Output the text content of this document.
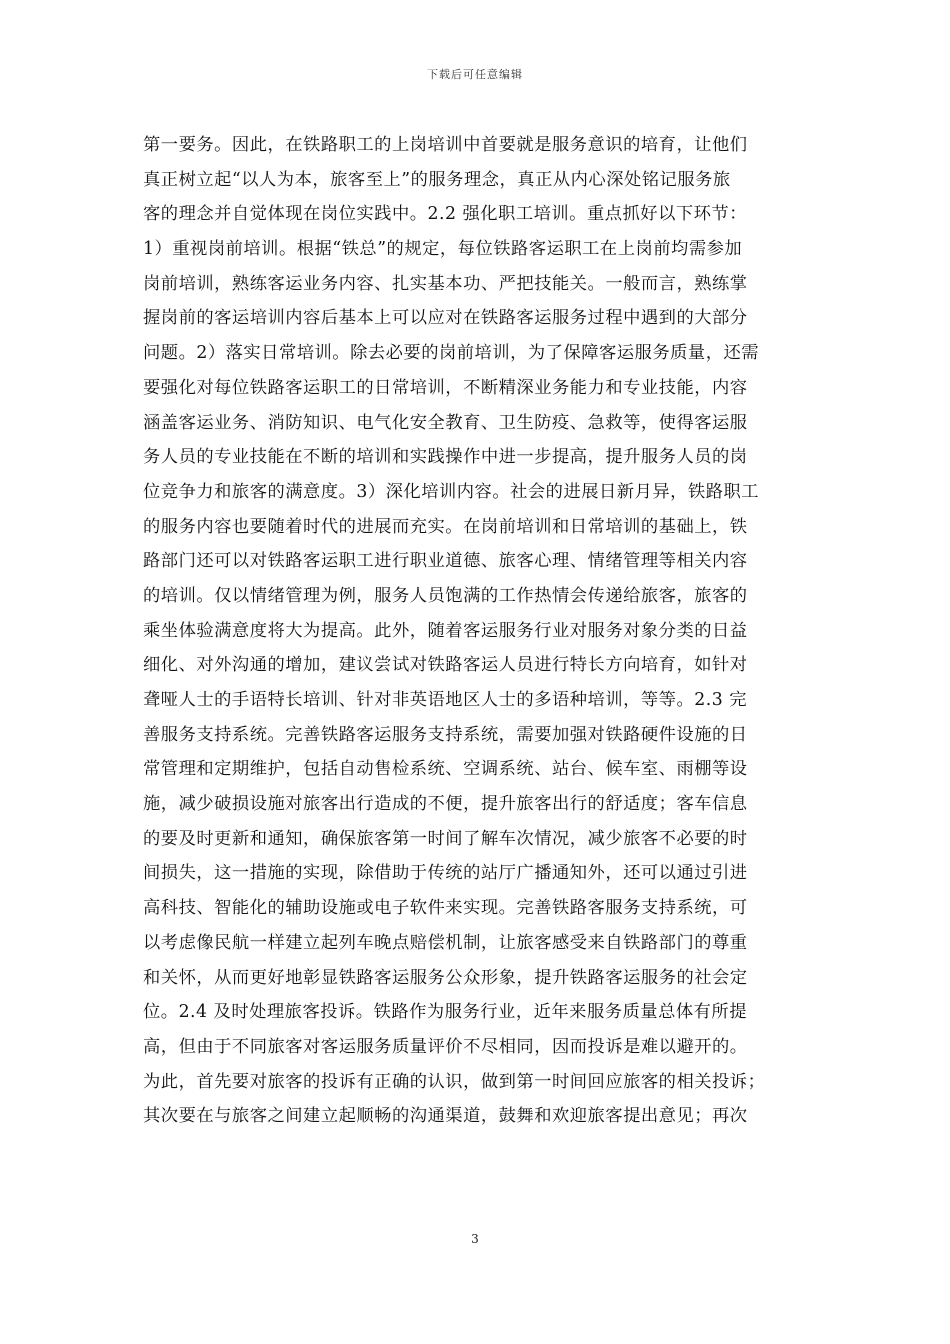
下载后可任意编辑
第一要务。因此，在铁路职工的上岗培训中首要就是服务意识的培育，让他们
真正树立起“以人为本，旅客至上”的服务理念，真正从内心深处铭记服务旅
客的理念并自觉体现在岗位实践中。2.2 强化职工培训。重点抓好以下环节：
1）重视岗前培训。根据“铁总”的规定，每位铁路客运职工在上岗前均需参加
岗前培训，熟练客运业务内容、扎实基本功、严把技能关。一般而言，熟练掌
握岗前的客运培训内容后基本上可以应对在铁路客运服务过程中遇到的大部分
问题。2）落实日常培训。除去必要的岗前培训，为了保障客运服务质量，还需
要强化对每位铁路客运职工的日常培训，不断精深业务能力和专业技能，内容
涵盖客运业务、消防知识、电气化安全教育、卫生防疫、急救等，使得客运服
务人员的专业技能在不断的培训和实践操作中进一步提高，提升服务人员的岗
位竞争力和旅客的满意度。3）深化培训内容。社会的进展日新月异，铁路职工
的服务内容也要随着时代的进展而充实。在岗前培训和日常培训的基础上，铁
路部门还可以对铁路客运职工进行职业道德、旅客心理、情绪管理等相关内容
的培训。仅以情绪管理为例，服务人员饱满的工作热情会传递给旅客，旅客的
乘坐体验满意度将大为提高。此外，随着客运服务行业对服务对象分类的日益
细化、对外沟通的增加，建议尝试对铁路客运人员进行特长方向培育，如针对
聋哑人士的手语特长培训、针对非英语地区人士的多语种培训，等等。2.3 完
善服务支持系统。完善铁路客运服务支持系统，需要加强对铁路硬件设施的日
常管理和定期维护，包括自动售检系统、空调系统、站台、候车室、雨棚等设
施，减少破损设施对旅客出行造成的不便，提升旅客出行的舒适度；客车信息
的要及时更新和通知，确保旅客第一时间了解车次情况，减少旅客不必要的时
间损失，这一措施的实现，除借助于传统的站厅广播通知外，还可以通过引进
高科技、智能化的辅助设施或电子软件来实现。完善铁路客服务支持系统，可
以考虑像民航一样建立起列车晚点赔偿机制，让旅客感受来自铁路部门的尊重
和关怀，从而更好地彰显铁路客运服务公众形象，提升铁路客运服务的社会定
位。2.4 及时处理旅客投诉。铁路作为服务行业，近年来服务质量总体有所提
高，但由于不同旅客对客运服务质量评价不尽相同，因而投诉是难以避开的。
为此，首先要对旅客的投诉有正确的认识，做到第一时间回应旅客的相关投诉；
其次要在与旅客之间建立起顺畅的沟通渠道，鼓舞和欢迎旅客提出意见；再次
3
